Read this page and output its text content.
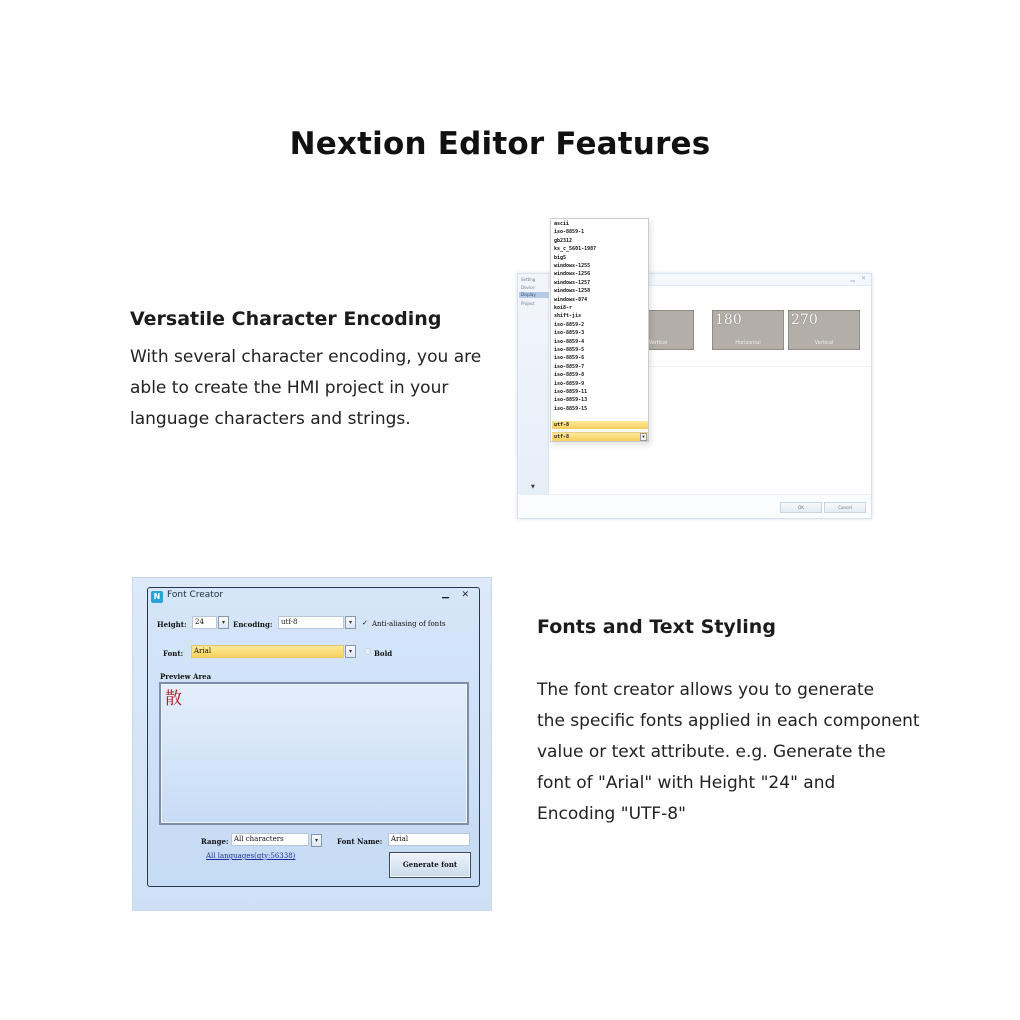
Nextion Editor Features
Versatile Character Encoding
With several character encoding, you are
able to create the HMI project in your
language characters and strings.
▁ ✕
Setting
Device
Display
Project
▼
Vertical
180
Horizontal
270
Vertical
OK	Cancel
ascii
iso-8859-1
gb2312
ks_c_5601-1987
big5
windows-1255
windows-1256
windows-1257
windows-1258
windows-874
koi8-r
shift-jis
iso-8859-2
iso-8859-3
iso-8859-4
iso-8859-5
iso-8859-6
iso-8859-7
iso-8859-8
iso-8859-9
iso-8859-11
iso-8859-13
iso-8859-15
utf-8
utf-8	▼
N Font Creator	▁ ✕
Height:	24	▾	Encoding:	utf-8	▾	✓ Anti-aliasing of fonts
Font:	Arial	▾	Bold
Preview Area
散
Range: All characters	▾	Font Name:	Arial
All languages(qty:56338)
Generate font
Fonts and Text Styling
The font creator allows you to generate
the specific fonts applied in each component
value or text attribute. e.g. Generate the
font of "Arial" with Height "24" and
Encoding "UTF-8"
